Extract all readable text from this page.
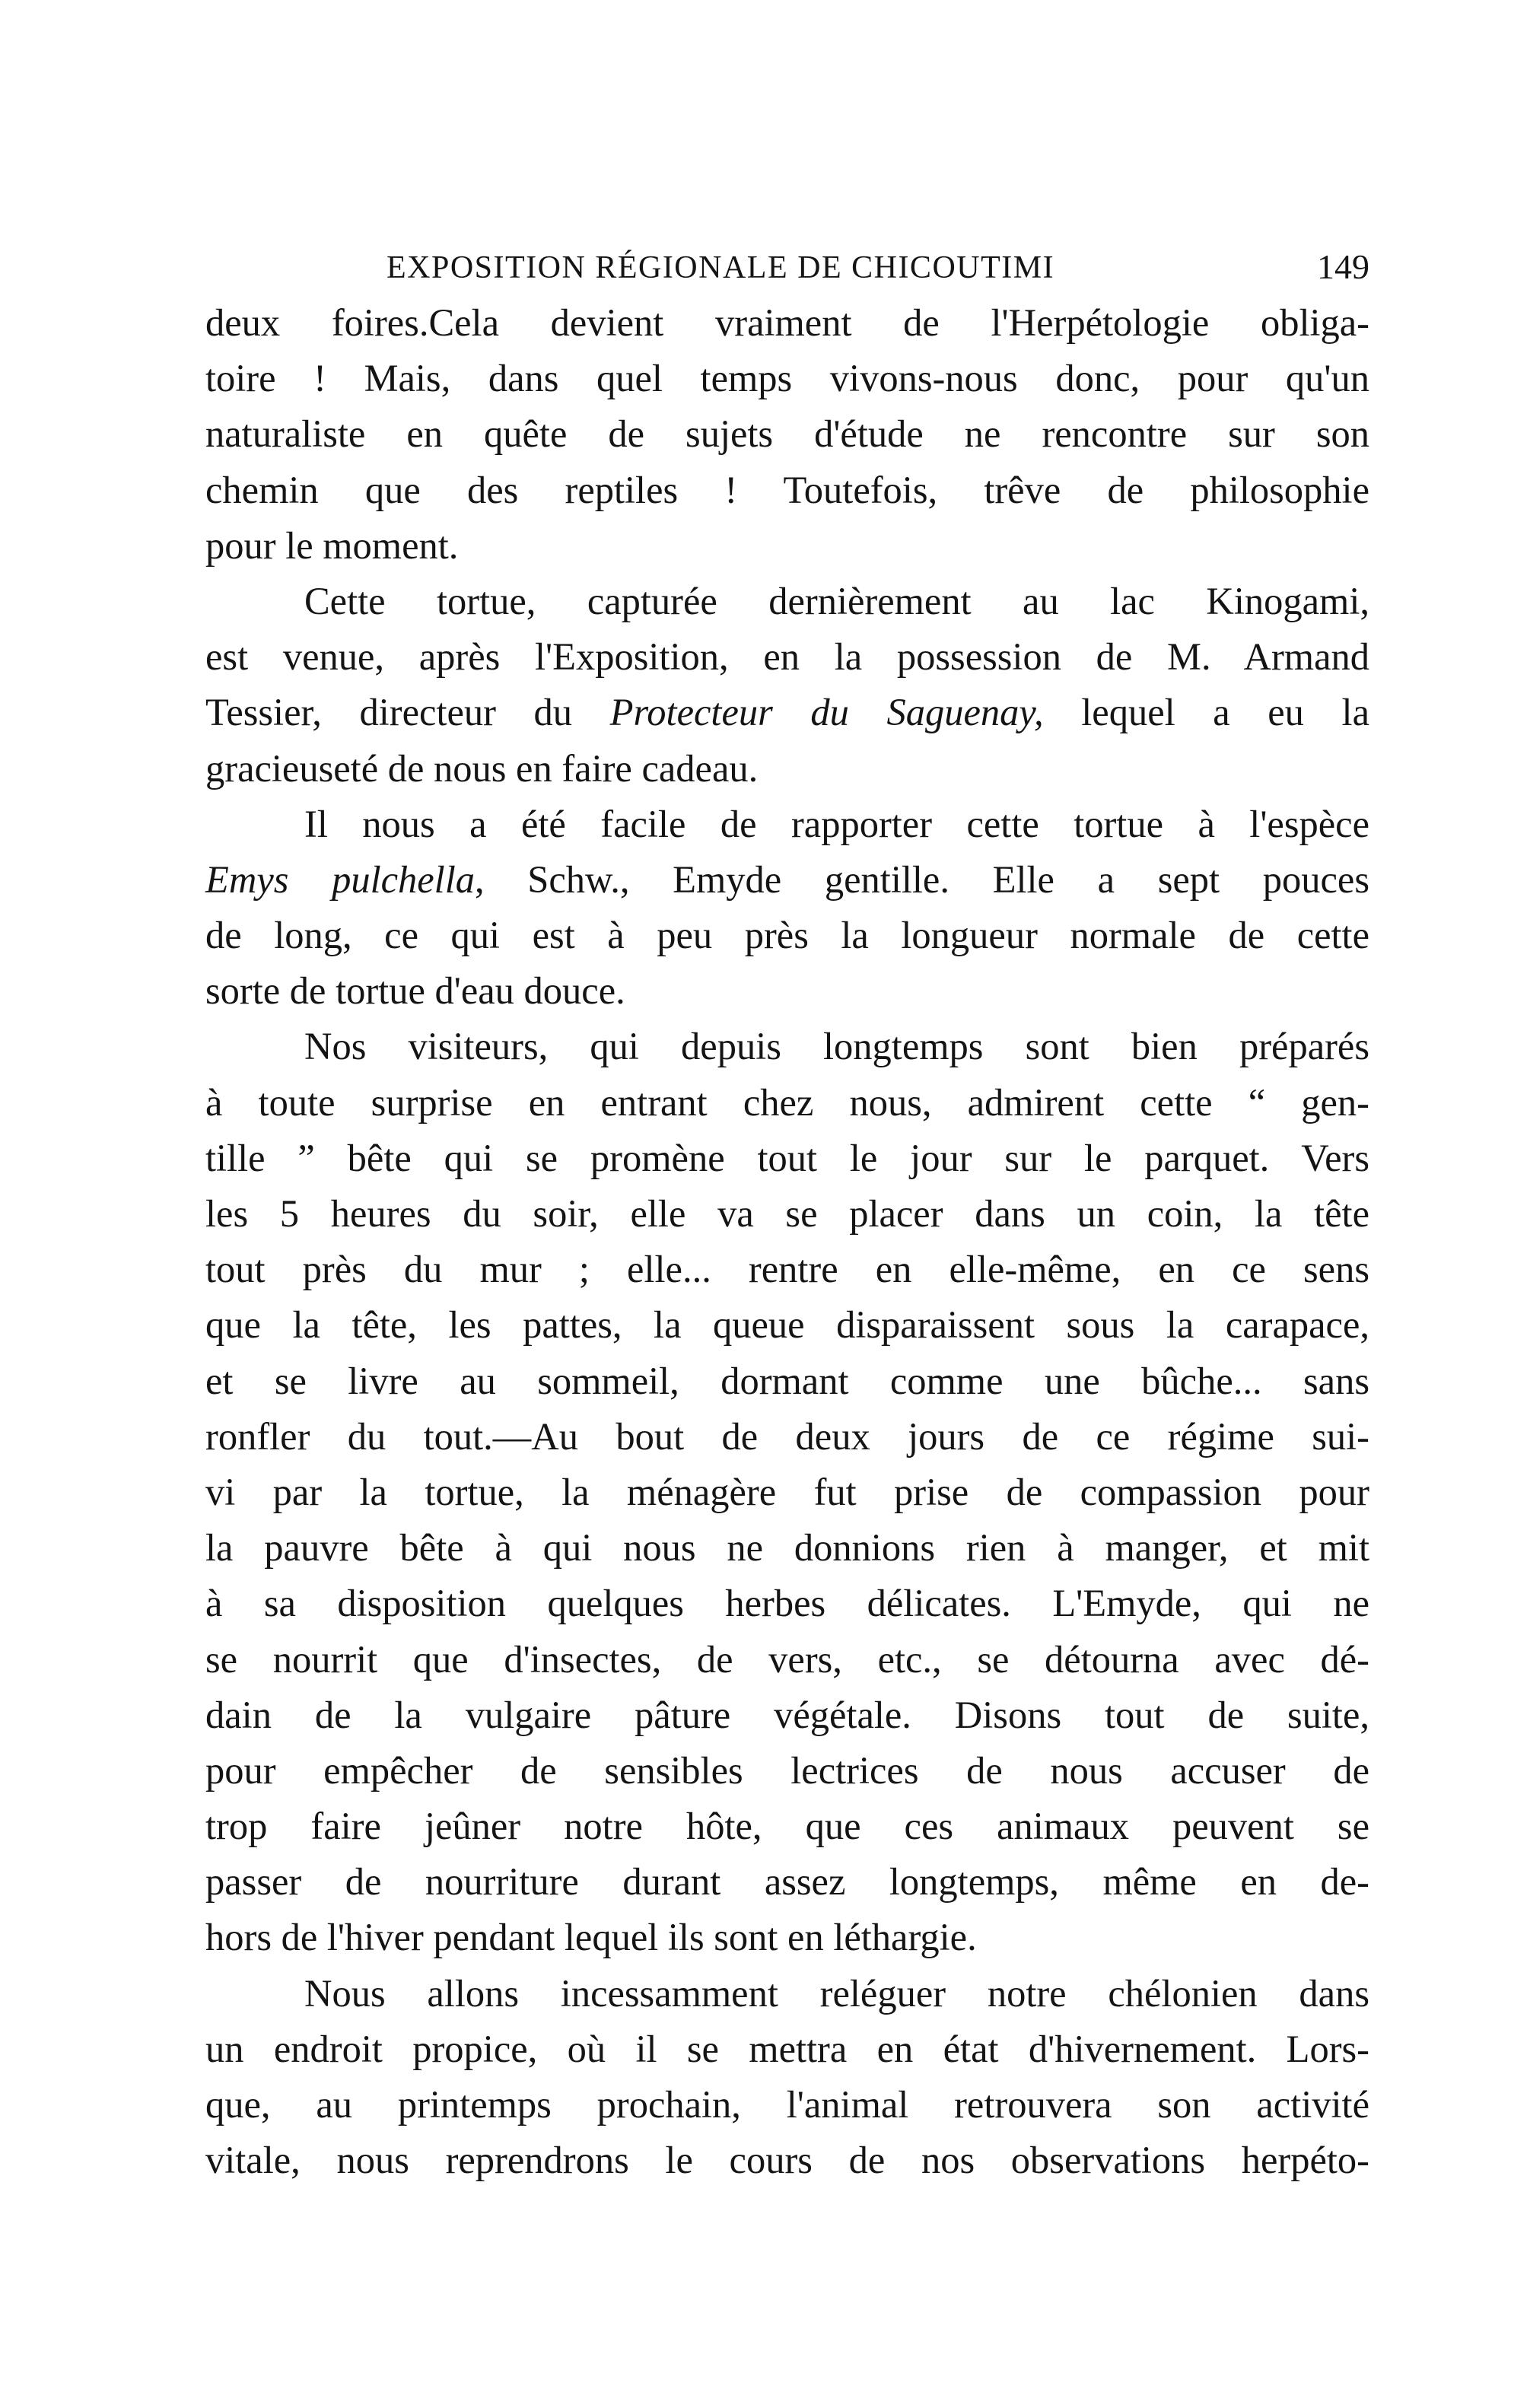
EXPOSITION RÉGIONALE DE CHICOUTIMI	149
deux foires.Cela devient vraiment de l'Herpétologie obliga-
toire ! Mais, dans quel temps vivons-nous donc, pour qu'un
naturaliste en quête de sujets d'étude ne rencontre sur son
chemin que des reptiles ! Toutefois, trêve de philosophie
pour le moment.
Cette tortue, capturée dernièrement au lac Kinogami,
est venue, après l'Exposition, en la possession de M. Armand
Tessier, directeur du Protecteur du Saguenay, lequel a eu la
gracieuseté de nous en faire cadeau.
Il nous a été facile de rapporter cette tortue à l'espèce
Emys pulchella, Schw., Emyde gentille. Elle a sept pouces
de long, ce qui est à peu près la longueur normale de cette
sorte de tortue d'eau douce.
Nos visiteurs, qui depuis longtemps sont bien préparés
à toute surprise en entrant chez nous, admirent cette “ gen-
tille ” bête qui se promène tout le jour sur le parquet. Vers
les 5 heures du soir, elle va se placer dans un coin, la tête
tout près du mur ; elle... rentre en elle-même, en ce sens
que la tête, les pattes, la queue disparaissent sous la carapace,
et se livre au sommeil, dormant comme une bûche... sans
ronfler du tout.—Au bout de deux jours de ce régime sui-
vi par la tortue, la ménagère fut prise de compassion pour
la pauvre bête à qui nous ne donnions rien à manger, et mit
à sa disposition quelques herbes délicates. L'Emyde, qui ne
se nourrit que d'insectes, de vers, etc., se détourna avec dé-
dain de la vulgaire pâture végétale. Disons tout de suite,
pour empêcher de sensibles lectrices de nous accuser de
trop faire jeûner notre hôte, que ces animaux peuvent se
passer de nourriture durant assez longtemps, même en de-
hors de l'hiver pendant lequel ils sont en léthargie.
Nous allons incessamment reléguer notre chélonien dans
un endroit propice, où il se mettra en état d'hivernement. Lors-
que, au printemps prochain, l'animal retrouvera son activité
vitale, nous reprendrons le cours de nos observations herpéto-
